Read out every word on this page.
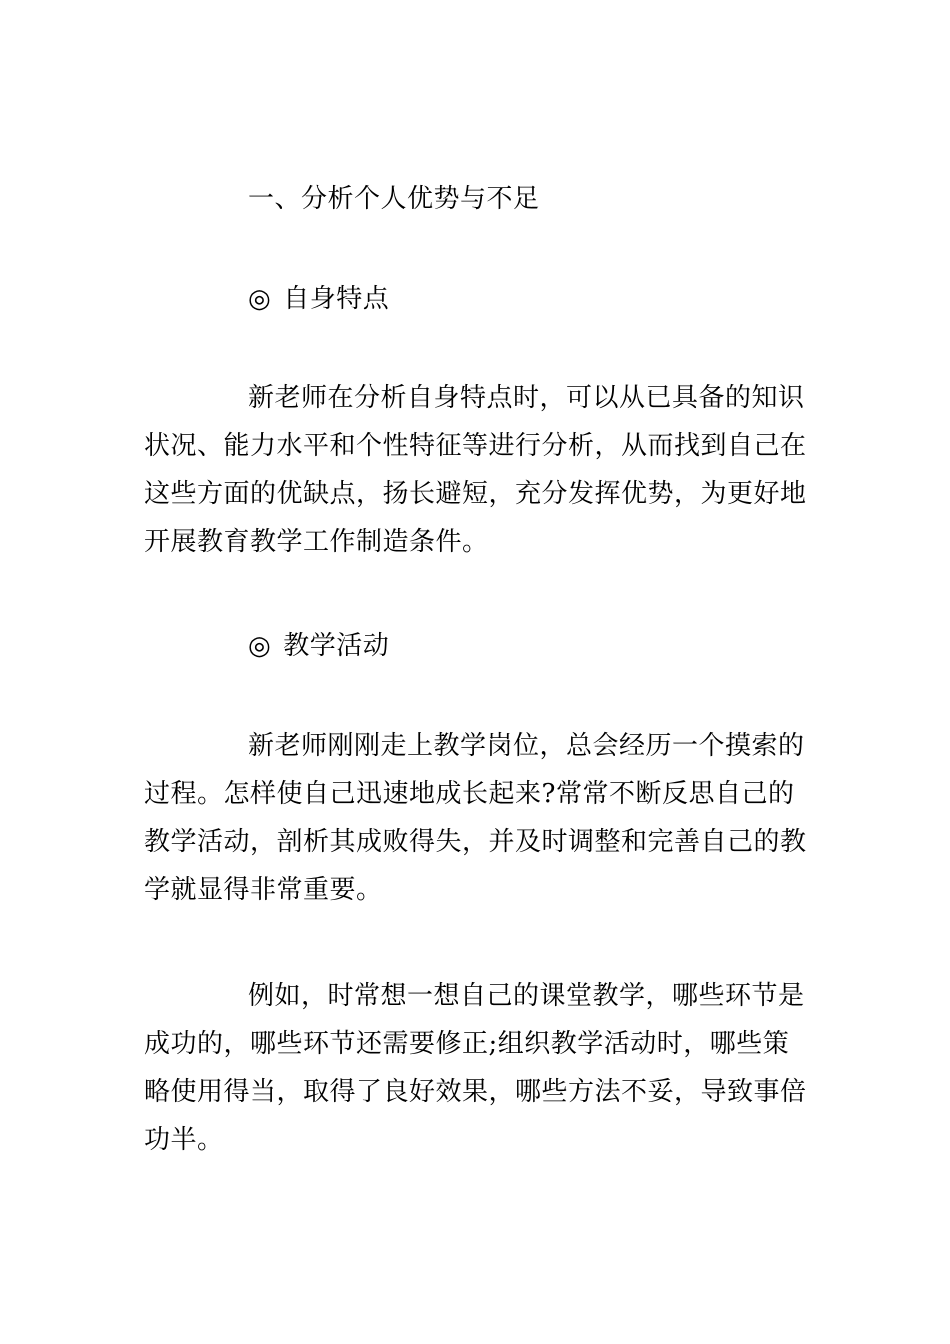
一、分析个人优势与不足

◎ 自身特点

新老师在分析自身特点时，可以从已具备的知识状况、能力水平和个性特征等进行分析，从而找到自己在这些方面的优缺点，扬长避短，充分发挥优势，为更好地开展教育教学工作制造条件。

◎ 教学活动

新老师刚刚走上教学岗位，总会经历一个摸索的过程。怎样使自己迅速地成长起来?常常不断反思自己的教学活动，剖析其成败得失，并及时调整和完善自己的教学就显得非常重要。

例如，时常想一想自己的课堂教学，哪些环节是成功的，哪些环节还需要修正;组织教学活动时，哪些策略使用得当，取得了良好效果，哪些方法不妥，导致事倍功半。
